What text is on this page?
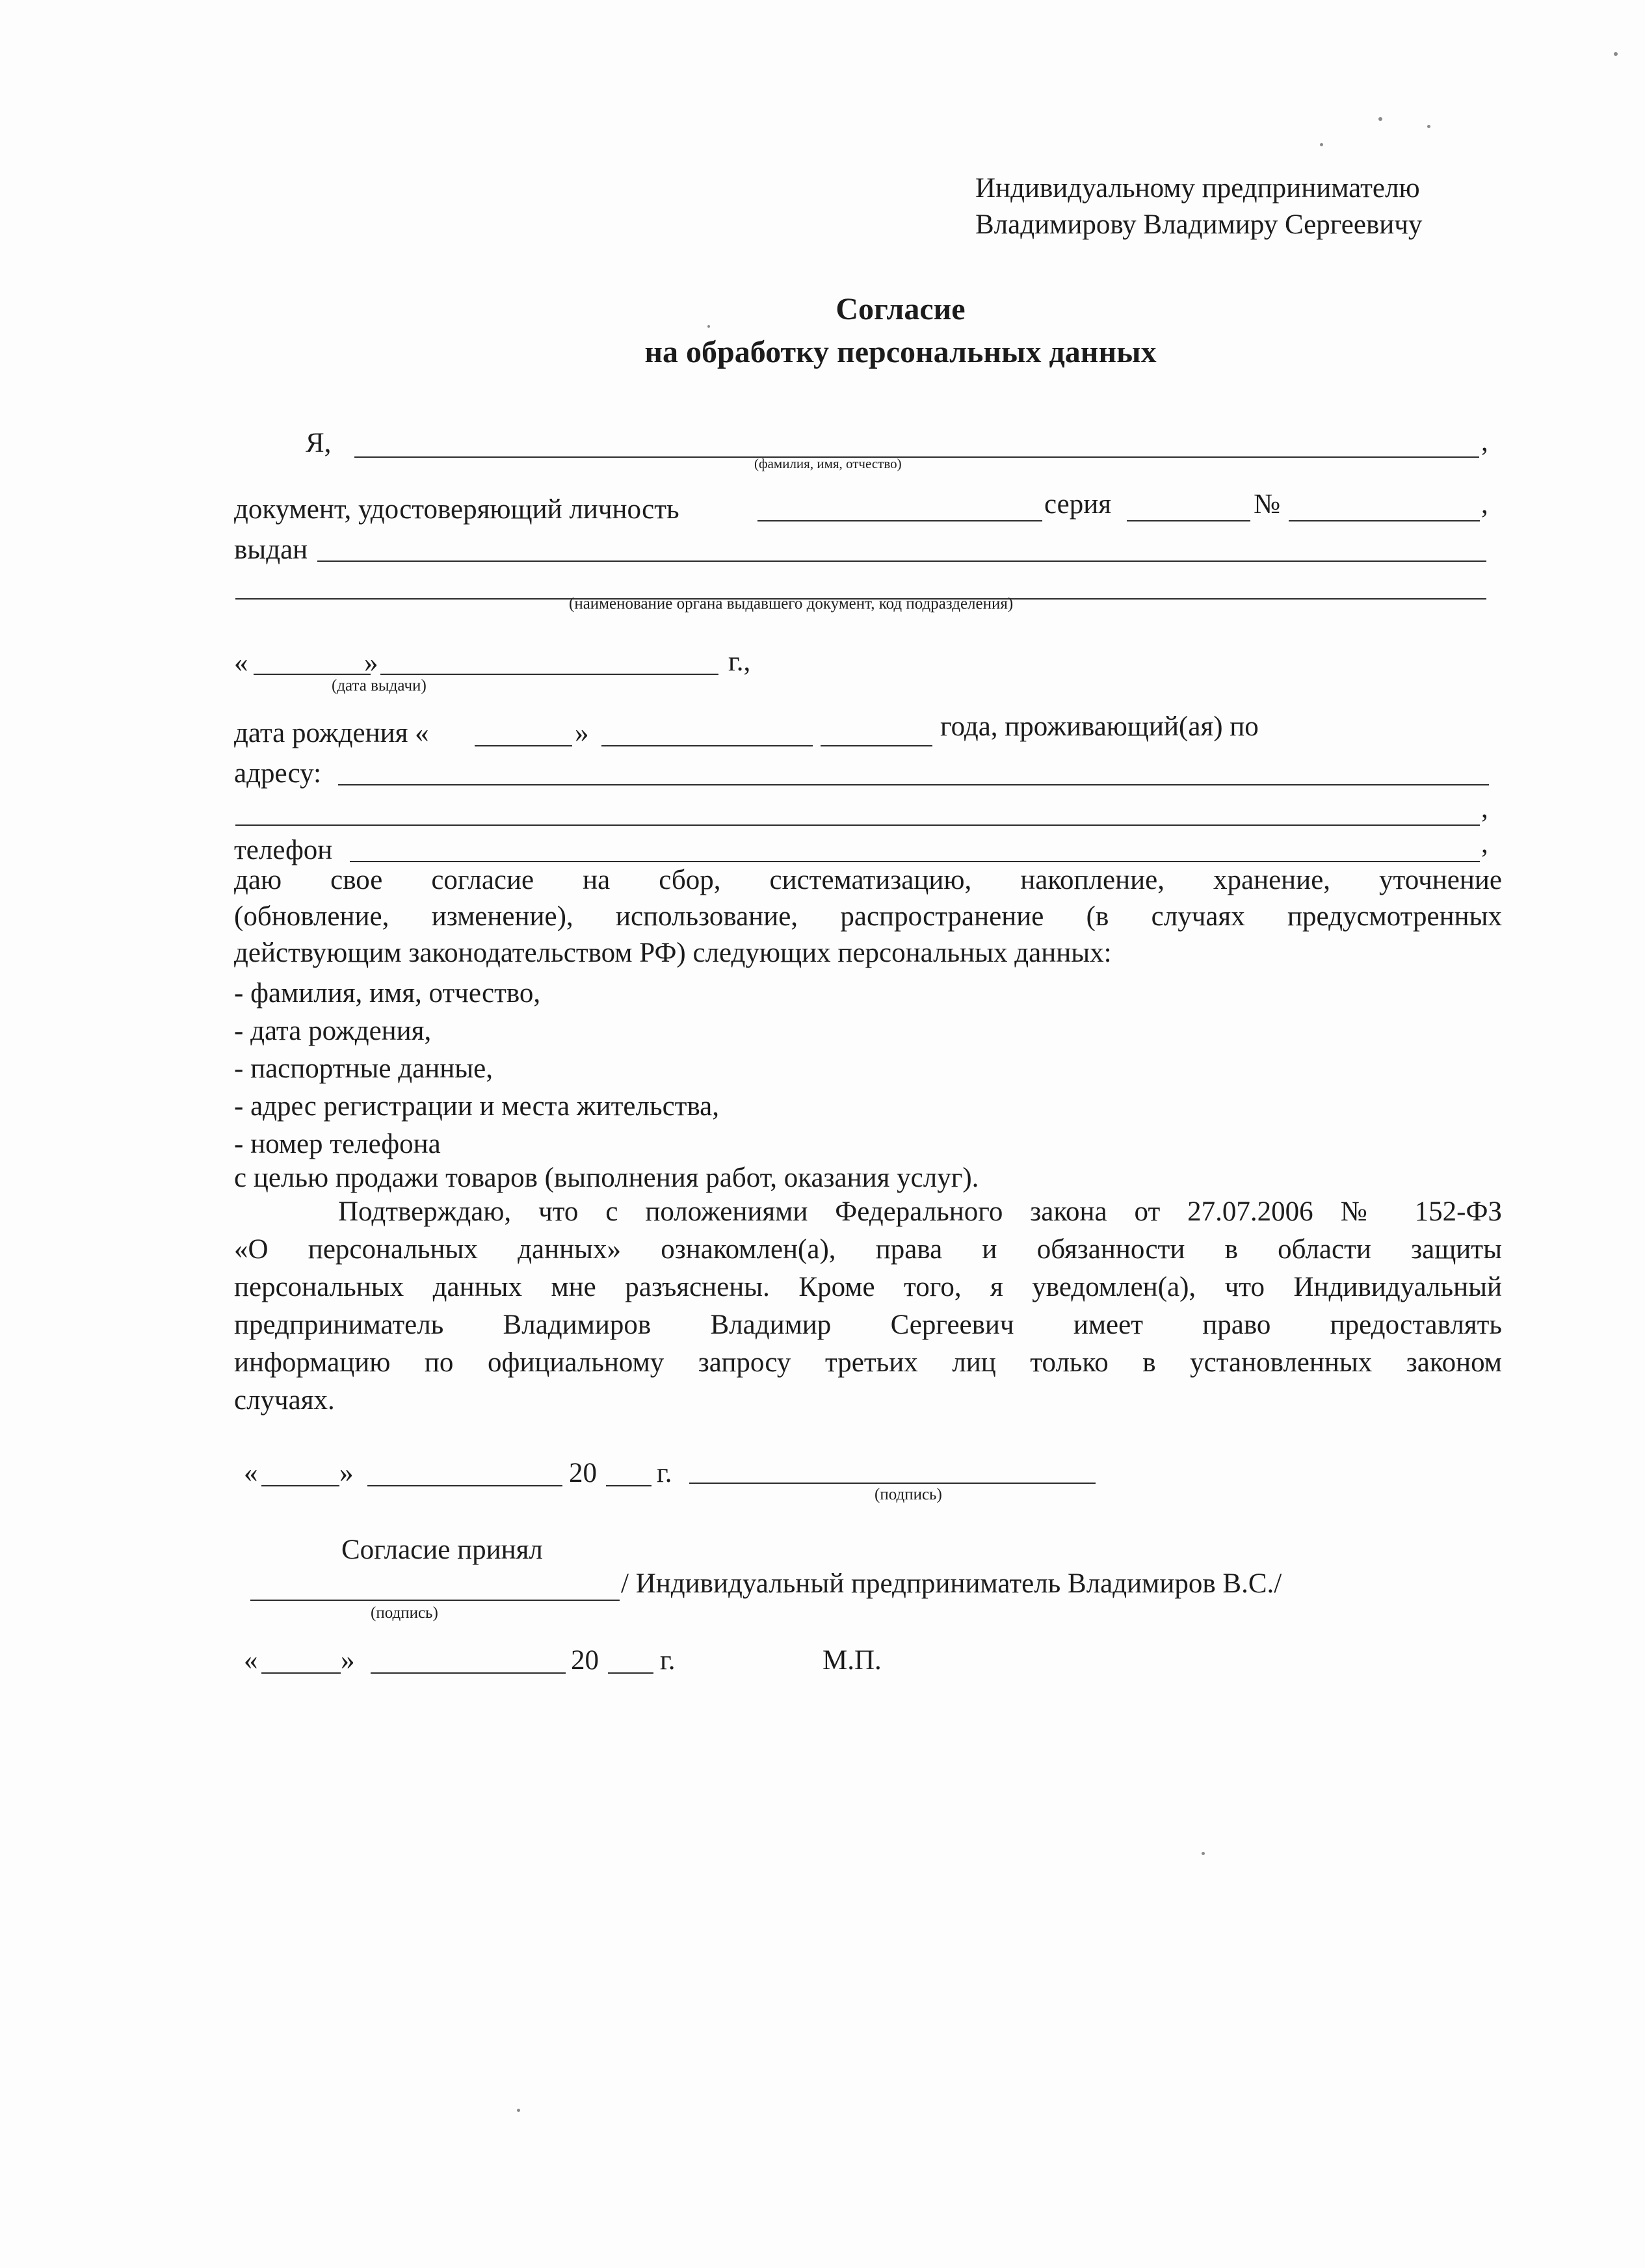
Индивидуальному предпринимателю
Владимирову Владимиру Сергеевичу
Согласие
на обработку персональных данных
Я,	,
(фамилия, имя, отчество)
документ, удостоверяющий личность	серия	№	,
выдан
(наименование органа выдавшего документ, код подразделения)
«	»	г.,
(дата выдачи)
дата рождения «	»	года, проживающий(ая) по
адресу:
,
телефон	,
даю свое согласие на сбор, систематизацию, накопление, хранение, уточнение
(обновление, изменение), использование, распространение (в случаях предусмотренных
действующим законодательством РФ) следующих персональных данных:
- фамилия, имя, отчество,
- дата рождения,
- паспортные данные,
- адрес регистрации и места жительства,
- номер телефона
с целью продажи товаров (выполнения работ, оказания услуг).
Подтверждаю, что с положениями Федерального закона от 27.07.2006 № 152-ФЗ
«О персональных данных» ознакомлен(а), права и обязанности в области защиты
персональных данных мне разъяснены. Кроме того, я уведомлен(а), что Индивидуальный
предприниматель Владимиров Владимир Сергеевич имеет право предоставлять
информацию по официальному запросу третьих лиц только в установленных законом
случаях.
«	»	20 г.
(подпись)
Согласие принял
/ Индивидуальный предприниматель Владимиров В.С./
(подпись)
«	»	20 г.	М.П.
